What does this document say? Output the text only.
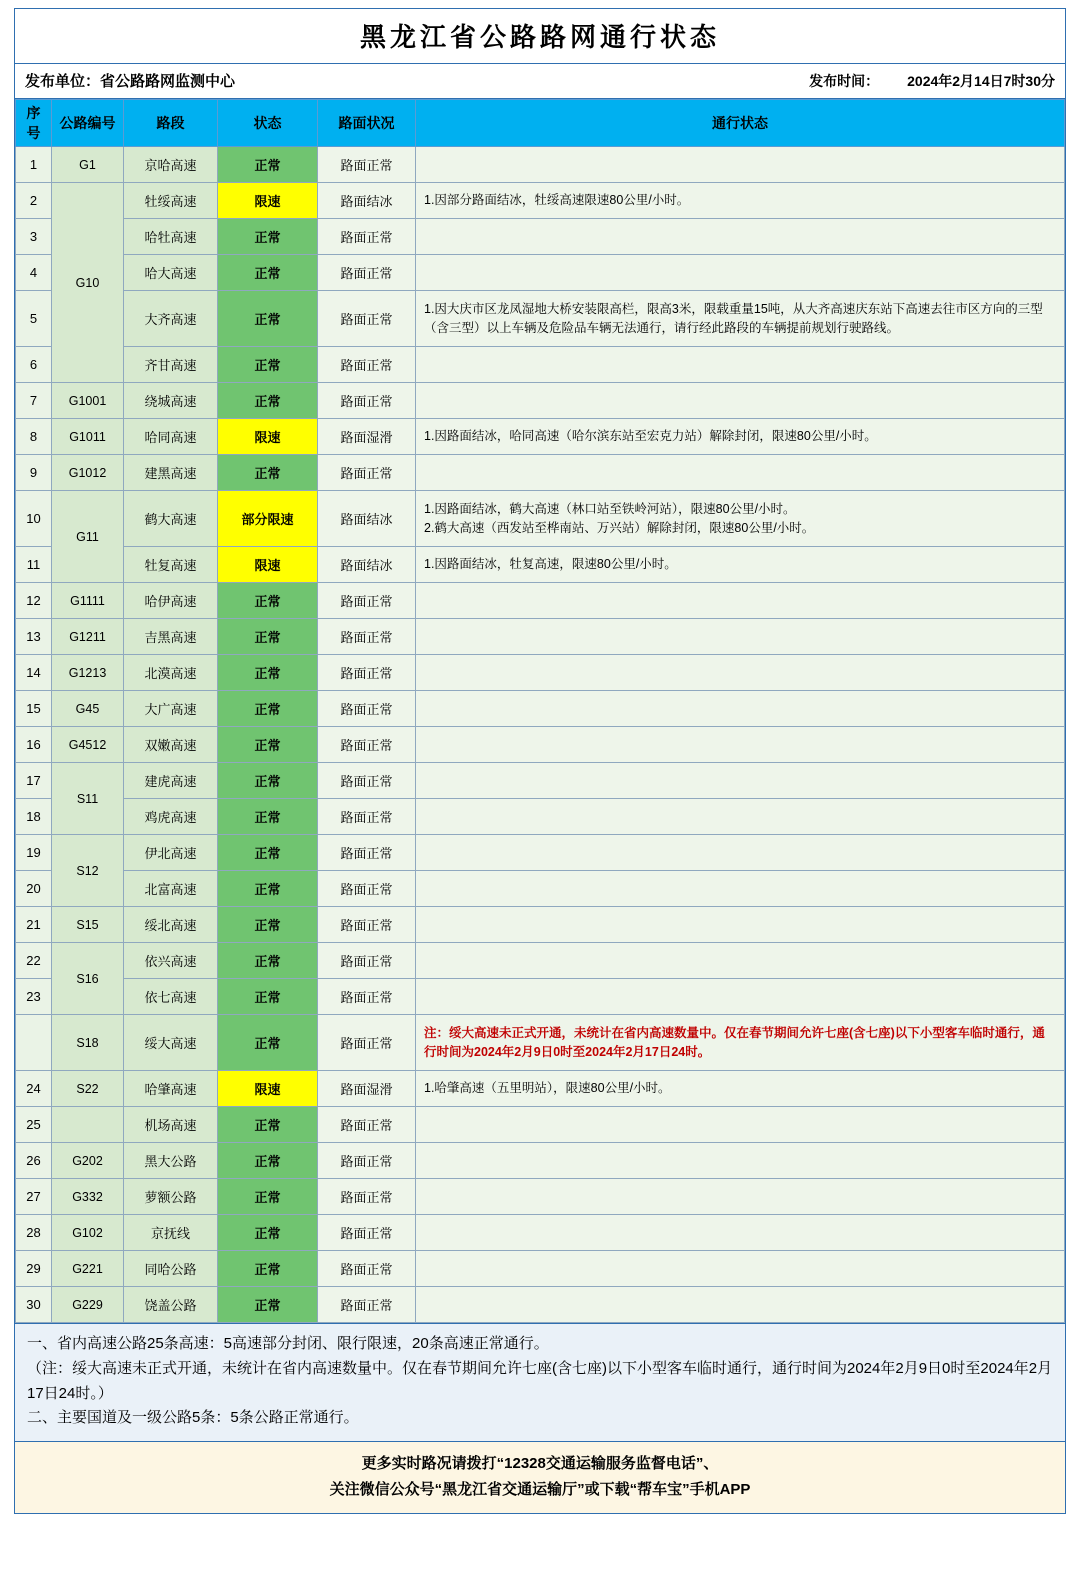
黑龙江省公路路网通行状态
发布单位：省公路路网监测中心	发布时间： 2024年2月14日7时30分
序号	公路编号	路段	状态	路面状况	通行状态
1	G1	京哈高速	正常	路面正常	
2	G10	牡绥高速	限速	路面结冰	1.因部分路面结冰，牡绥高速限速80公里/小时。
3		哈牡高速	正常	路面正常	
4		哈大高速	正常	路面正常	
5		大齐高速	正常	路面正常	1.因大庆市区龙凤湿地大桥安装限高栏，限高3米，限载重量15吨，从大齐高速庆东站下高速去往市区方向的三型（含三型）以上车辆及危险品车辆无法通行，请行经此路段的车辆提前规划行驶路线。
6		齐甘高速	正常	路面正常	
7	G1001	绕城高速	正常	路面正常	
8	G1011	哈同高速	限速	路面湿滑	1.因路面结冰，哈同高速（哈尔滨东站至宏克力站）解除封闭，限速80公里/小时。
9	G1012	建黑高速	正常	路面正常	
10	G11	鹤大高速	部分限速	路面结冰	1.因路面结冰，鹤大高速（林口站至铁岭河站），限速80公里/小时。
2.鹤大高速（西发站至桦南站、万兴站）解除封闭，限速80公里/小时。
11		牡复高速	限速	路面结冰	1.因路面结冰，牡复高速，限速80公里/小时。
12	G1111	哈伊高速	正常	路面正常	
13	G1211	吉黑高速	正常	路面正常	
14	G1213	北漠高速	正常	路面正常	
15	G45	大广高速	正常	路面正常	
16	G4512	双嫩高速	正常	路面正常	
17	S11	建虎高速	正常	路面正常	
18		鸡虎高速	正常	路面正常	
19	S12	伊北高速	正常	路面正常	
20		北富高速	正常	路面正常	
21	S15	绥北高速	正常	路面正常	
22	S16	依兴高速	正常	路面正常	
23		依七高速	正常	路面正常	
	S18	绥大高速	正常	路面正常	注：绥大高速未正式开通，未统计在省内高速数量中。仅在春节期间允许七座(含七座)以下小型客车临时通行，通行时间为2024年2月9日0时至2024年2月17日24时。
24	S22	哈肇高速	限速	路面湿滑	1.哈肇高速（五里明站），限速80公里/小时。
25		机场高速	正常	路面正常	
26	G202	黑大公路	正常	路面正常	
27	G332	萝额公路	正常	路面正常	
28	G102	京抚线	正常	路面正常	
29	G221	同哈公路	正常	路面正常	
30	G229	饶盖公路	正常	路面正常	

一、省内高速公路25条高速：5高速部分封闭、限行限速，20条高速正常通行。

（注：绥大高速未正式开通，未统计在省内高速数量中。仅在春节期间允许七座(含七座)以下小型客车临时通行，通行时间为2024年2月9日0时至2024年2月17日24时。）

二、主要国道及一级公路5条：5条公路正常通行。

更多实时路况请拨打“12328交通运输服务监督电话”、
关注微信公众号“黑龙江省交通运输厅”或下载“帮车宝”手机APP
